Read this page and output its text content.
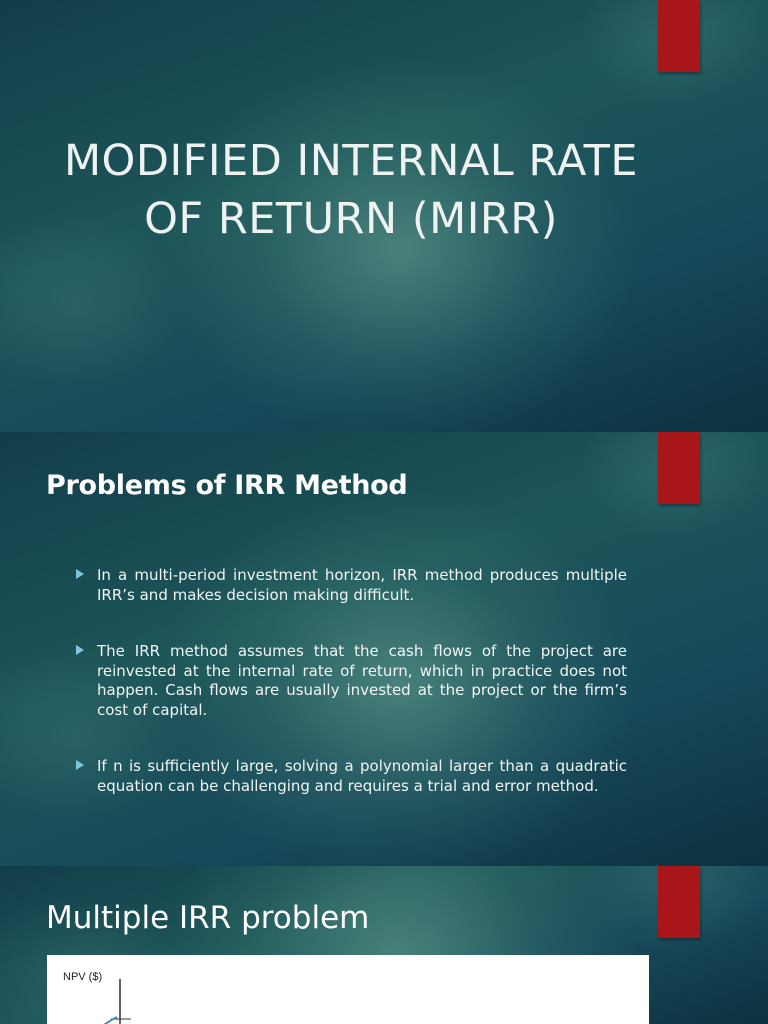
MODIFIED INTERNAL RATE OF RETURN (MIRR)
Problems of IRR Method
In a multi-period investment horizon, IRR method produces multiple IRR’s and makes decision making difficult.
The IRR method assumes that the cash flows of the project are reinvested at the internal rate of return, which in practice does not happen. Cash flows are usually invested at the project or the firm’s cost of capital.
If n is sufficiently large, solving a polynomial larger than a quadratic equation can be challenging and requires a trial and error method.
Multiple IRR problem
NPV ($)
